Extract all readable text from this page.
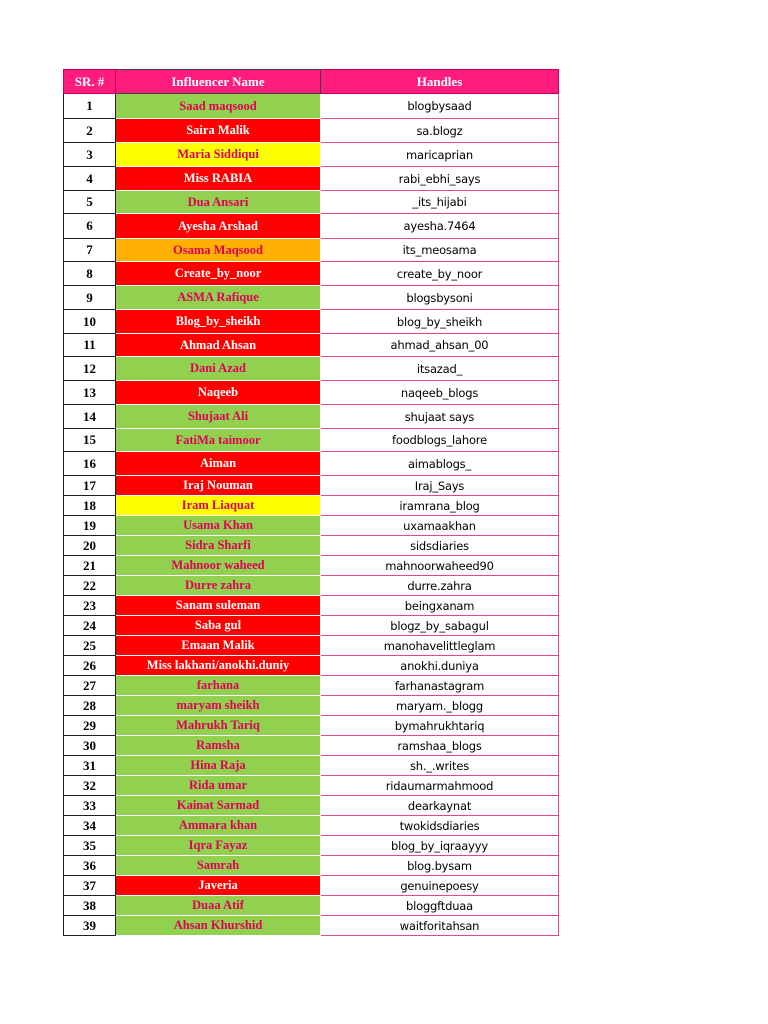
SR. #	Influencer Name	Handles
1	Saad maqsood	blogbysaad
2	Saira Malik	sa.blogz
3	Maria Siddiqui	maricaprian
4	Miss RABIA	rabi_ebhi_says
5	Dua Ansari	_its_hijabi
6	Ayesha Arshad	ayesha.7464
7	Osama Maqsood	its_meosama
8	Create_by_noor	create_by_noor
9	ASMA Rafique	blogsbysoni
10	Blog_by_sheikh	blog_by_sheikh
11	Ahmad Ahsan	ahmad_ahsan_00
12	Dani Azad	itsazad_
13	Naqeeb	naqeeb_blogs
14	Shujaat Ali	shujaat says
15	FatiMa taimoor	foodblogs_lahore
16	Aiman	aimablogs_
17	Iraj Nouman	Iraj_Says
18	Iram Liaquat	iramrana_blog
19	Usama Khan	uxamaakhan
20	Sidra Sharfi	sidsdiaries
21	Mahnoor waheed	mahnoorwaheed90
22	Durre zahra	durre.zahra
23	Sanam suleman	beingxanam
24	Saba gul	blogz_by_sabagul
25	Emaan Malik	manohavelittleglam
26	Miss lakhani/anokhi.duniy	anokhi.duniya
27	farhana	farhanastagram
28	maryam sheikh	maryam._blogg
29	Mahrukh Tariq	bymahrukhtariq
30	Ramsha	ramshaa_blogs
31	Hina Raja	sh._.writes
32	Rida umar	ridaumarmahmood
33	Kainat Sarmad	dearkaynat
34	Ammara khan	twokidsdiaries
35	Iqra Fayaz	blog_by_iqraayyy
36	Samrah	blog.bysam
37	Javeria	genuinepoesy
38	Duaa Atif	bloggftduaa
39	Ahsan Khurshid	waitforitahsan
